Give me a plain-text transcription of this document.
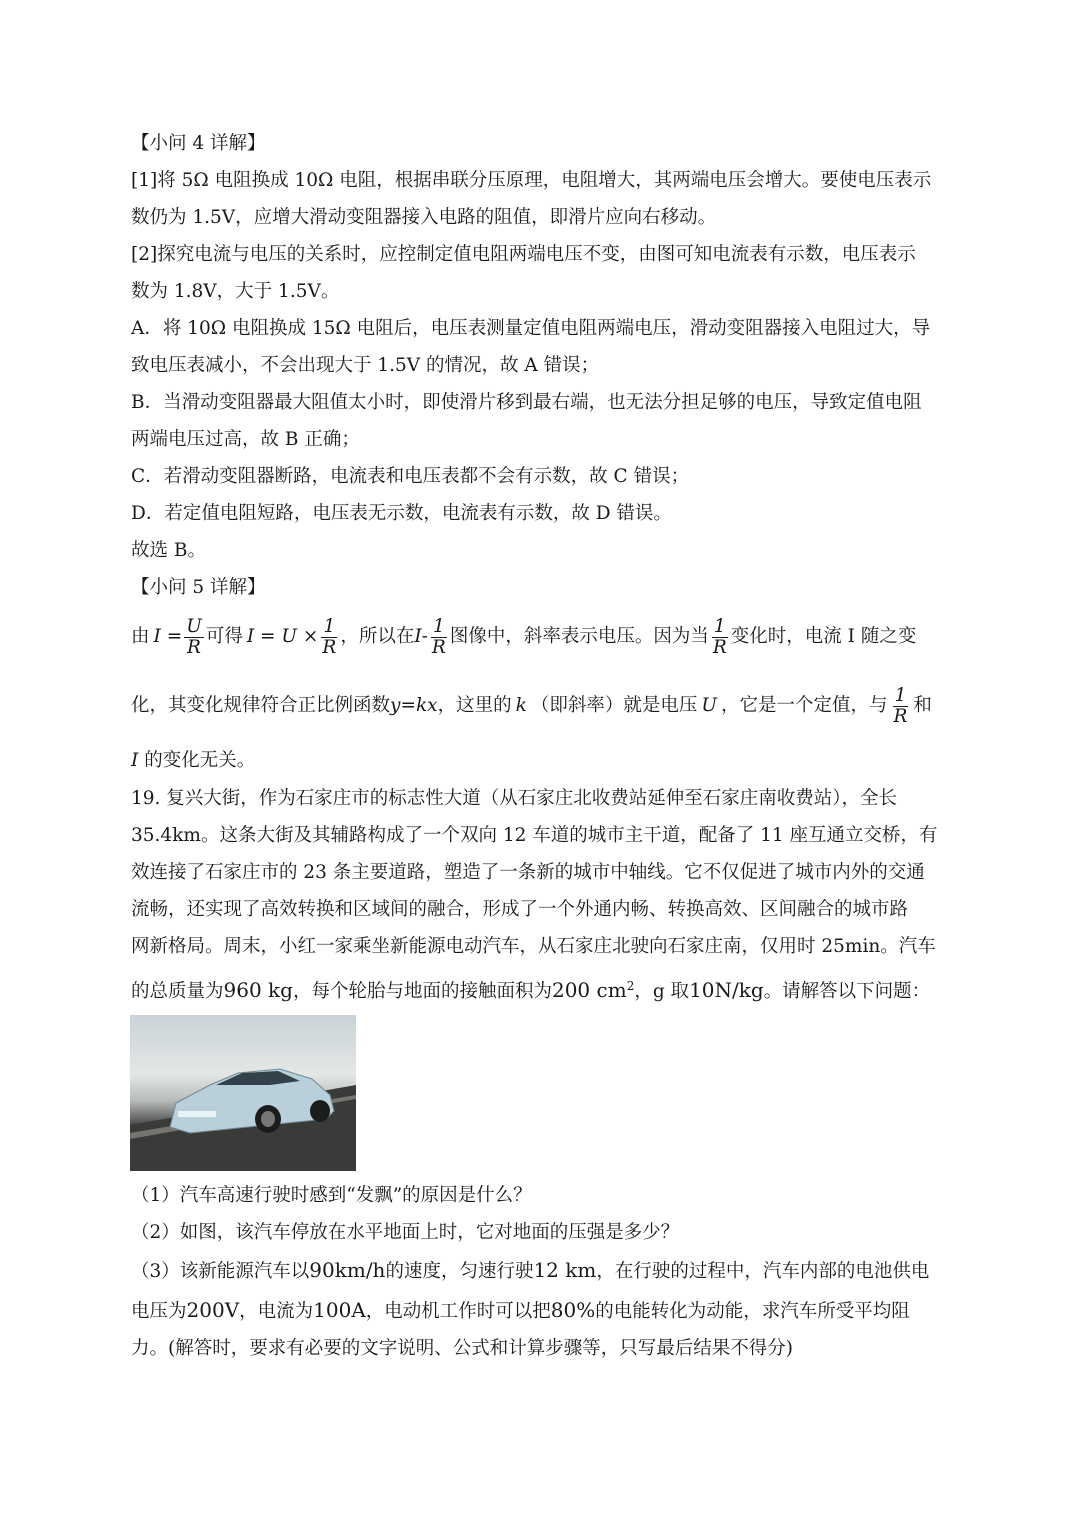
【小问 4 详解】
[1]将 5Ω 电阻换成 10Ω 电阻，根据串联分压原理，电阻增大，其两端电压会增大。要使电压表示
数仍为 1.5V，应增大滑动变阻器接入电路的阻值，即滑片应向右移动。
[2]探究电流与电压的关系时，应控制定值电阻两端电压不变，由图可知电流表有示数，电压表示
数为 1.8V，大于 1.5V。
A．将 10Ω 电阻换成 15Ω 电阻后，电压表测量定值电阻两端电压，滑动变阻器接入电阻过大，导
致电压表减小，不会出现大于 1.5V 的情况，故 A 错误；
B．当滑动变阻器最大阻值太小时，即使滑片移到最右端，也无法分担足够的电压，导致定值电阻
两端电压过高，故 B 正确；
C．若滑动变阻器断路，电流表和电压表都不会有示数，故 C 错误；
D．若定值电阻短路，电压表无示数，电流表有示数，故 D 错误。
故选 B。
【小问 5 详解】
由 $I = \frac{U}{R}$ 可得 $I = U \times \frac{1}{R}$ ，所以在 $I- \frac{1}{R}$ 图像中，斜率表示电压。因为当 $\frac{1}{R}$ 变化时，电流 I 随之变
化，其变化规律符合正比例函数 y=kx ，这里的 k （即斜率）就是电压 U ，它是一个定值，与 $\frac{1}{R}$ 和
I 的变化无关。
19. 复兴大街，作为石家庄市的标志性大道（从石家庄北收费站延伸至石家庄南收费站），全长
35.4km。这条大街及其辅路构成了一个双向 12 车道的城市主干道，配备了 11 座互通立交桥，有
效连接了石家庄市的 23 条主要道路，塑造了一条新的城市中轴线。它不仅促进了城市内外的交通
流畅，还实现了高效转换和区域间的融合，形成了一个外通内畅、转换高效、区间融合的城市路
网新格局。周末，小红一家乘坐新能源电动汽车，从石家庄北驶向石家庄南，仅用时 25min。汽车
的总质量为960 kg，每个轮胎与地面的接触面积为200 $cm^2$，g 取10N/kg。请解答以下问题：
（1）汽车高速行驶时感到“发飘”的原因是什么？
（2）如图，该汽车停放在水平地面上时，它对地面的压强是多少？
（3）该新能源汽车以90km/h的速度，匀速行驶12 km，在行驶的过程中，汽车内部的电池供电
电压为200V，电流为100A，电动机工作时可以把80%的电能转化为动能，求汽车所受平均阻
力。(解答时，要求有必要的文字说明、公式和计算步骤等，只写最后结果不得分)
